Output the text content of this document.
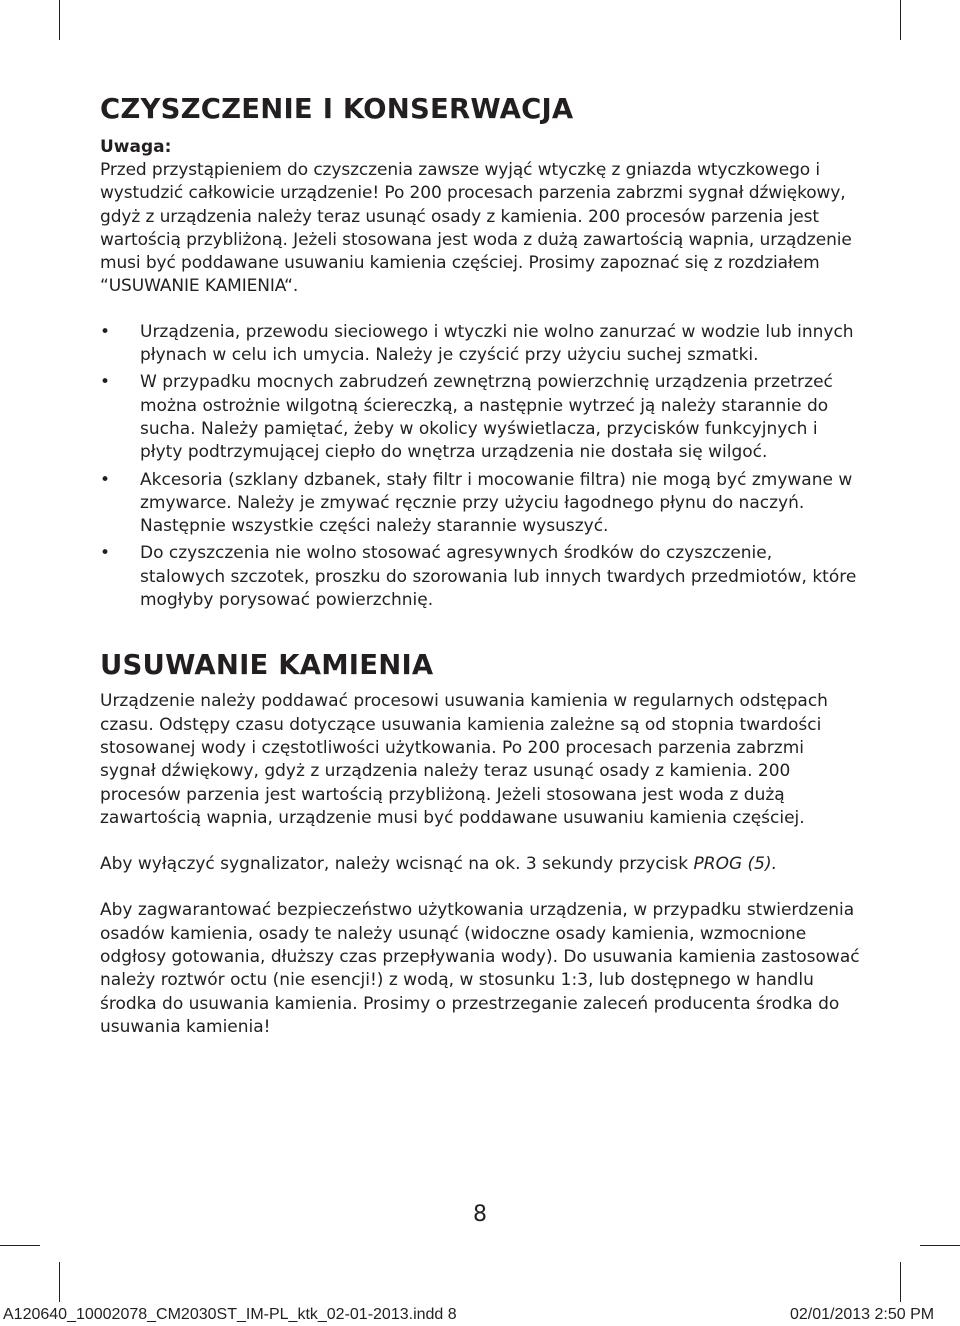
CZYSZCZENIE I KONSERWACJA
Uwaga:

Przed przystąpieniem do czyszczenia zawsze wyjąć wtyczkę z gniazda wtyczkowego i wystudzić całkowicie urządzenie! Po 200 procesach parzenia zabrzmi sygnał dźwiękowy, gdyż z urządzenia należy teraz usunąć osady z kamienia. 200 procesów parzenia jest wartością przybliżoną. Jeżeli stosowana jest woda z dużą zawartością wapnia, urządzenie musi być poddawane usuwaniu kamienia częściej. Prosimy zapoznać się z rozdziałem “USUWANIE KAMIENIA“.

• Urządzenia, przewodu sieciowego i wtyczki nie wolno zanurzać w wodzie lub innych płynach w celu ich umycia. Należy je czyścić przy użyciu suchej szmatki.
• W przypadku mocnych zabrudzeń zewnętrzną powierzchnię urządzenia przetrzeć można ostrożnie wilgotną ściereczką, a następnie wytrzeć ją należy starannie do sucha. Należy pamiętać, żeby w okolicy wyświetlacza, przycisków funkcyjnych i płyty podtrzymującej ciepło do wnętrza urządzenia nie dostała się wilgoć.
• Akcesoria (szklany dzbanek, stały filtr i mocowanie filtra) nie mogą być zmywane w zmywarce. Należy je zmywać ręcznie przy użyciu łagodnego płynu do naczyń. Następnie wszystkie części należy starannie wysuszyć.
• Do czyszczenia nie wolno stosować agresywnych środków do czyszczenie, stalowych szczotek, proszku do szorowania lub innych twardych przedmiotów, które mogłyby porysować powierzchnię.
USUWANIE KAMIENIA

Urządzenie należy poddawać procesowi usuwania kamienia w regularnych odstępach czasu. Odstępy czasu dotyczące usuwania kamienia zależne są od stopnia twardości stosowanej wody i częstotliwości użytkowania. Po 200 procesach parzenia zabrzmi sygnał dźwiękowy, gdyż z urządzenia należy teraz usunąć osady z kamienia. 200 procesów parzenia jest wartością przybliżoną. Jeżeli stosowana jest woda z dużą zawartością wapnia, urządzenie musi być poddawane usuwaniu kamienia częściej.

Aby wyłączyć sygnalizator, należy wcisnąć na ok. 3 sekundy przycisk PROG (5).

Aby zagwarantować bezpieczeństwo użytkowania urządzenia, w przypadku stwierdzenia osadów kamienia, osady te należy usunąć (widoczne osady kamienia, wzmocnione odgłosy gotowania, dłuższy czas przepływania wody). Do usuwania kamienia zastosować należy roztwór octu (nie esencji!) z wodą, w stosunku 1:3, lub dostępnego w handlu środka do usuwania kamienia. Prosimy o przestrzeganie zaleceń producenta środka do usuwania kamienia!

8
A120640_10002078_CM2030ST_IM-PL_ktk_02-01-2013.indd 8	02/01/2013 2:50 PM
